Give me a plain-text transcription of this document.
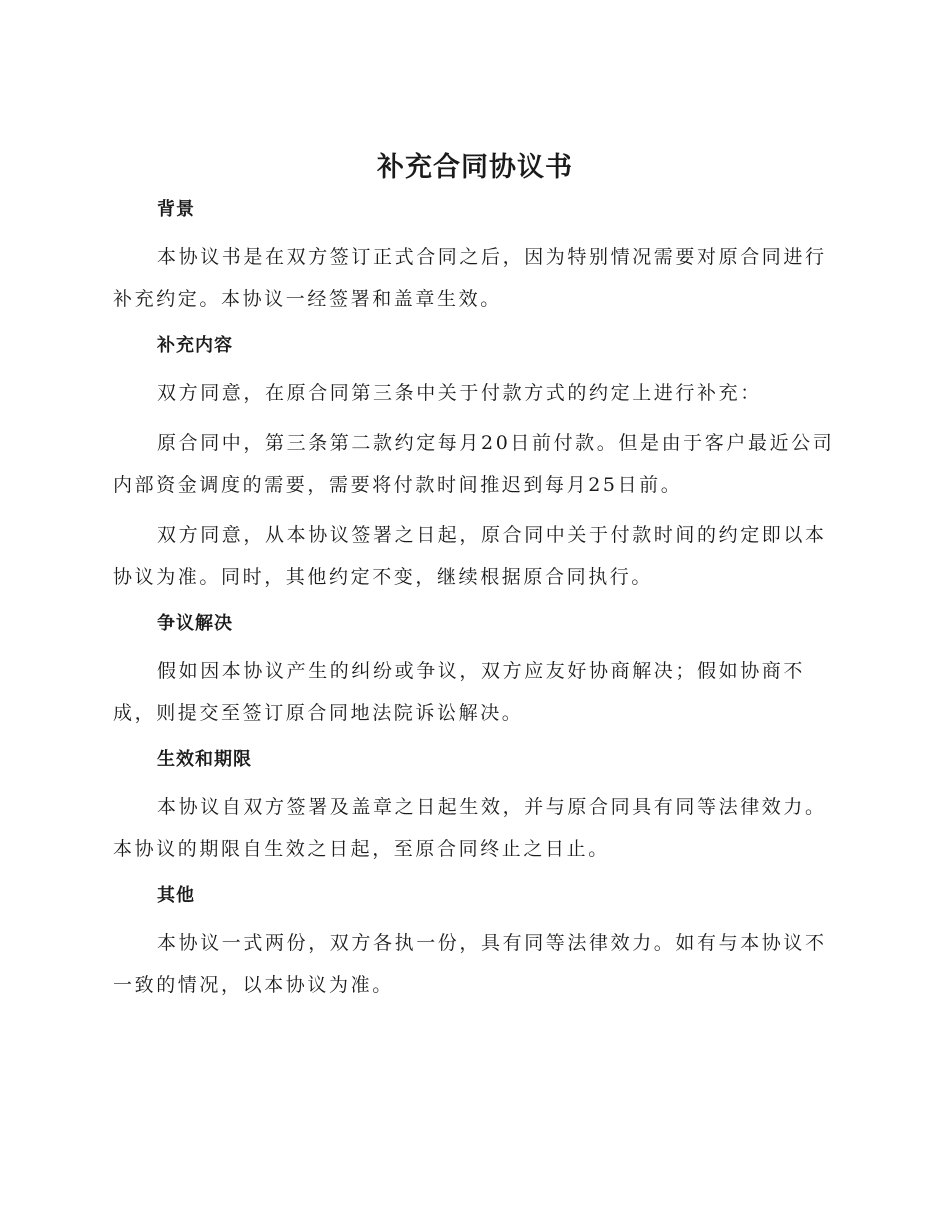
补充合同协议书
背景
本协议书是在双方签订正式合同之后，因为特别情况需要对原合同进行补充约定。本协议一经签署和盖章生效。
补充内容
双方同意，在原合同第三条中关于付款方式的约定上进行补充：
原合同中，第三条第二款约定每月20日前付款。但是由于客户最近公司内部资金调度的需要，需要将付款时间推迟到每月25日前。
双方同意，从本协议签署之日起，原合同中关于付款时间的约定即以本协议为准。同时，其他约定不变，继续根据原合同执行。
争议解决
假如因本协议产生的纠纷或争议，双方应友好协商解决；假如协商不成，则提交至签订原合同地法院诉讼解决。
生效和期限
本协议自双方签署及盖章之日起生效，并与原合同具有同等法律效力。本协议的期限自生效之日起，至原合同终止之日止。
其他
本协议一式两份，双方各执一份，具有同等法律效力。如有与本协议不一致的情况，以本协议为准。
